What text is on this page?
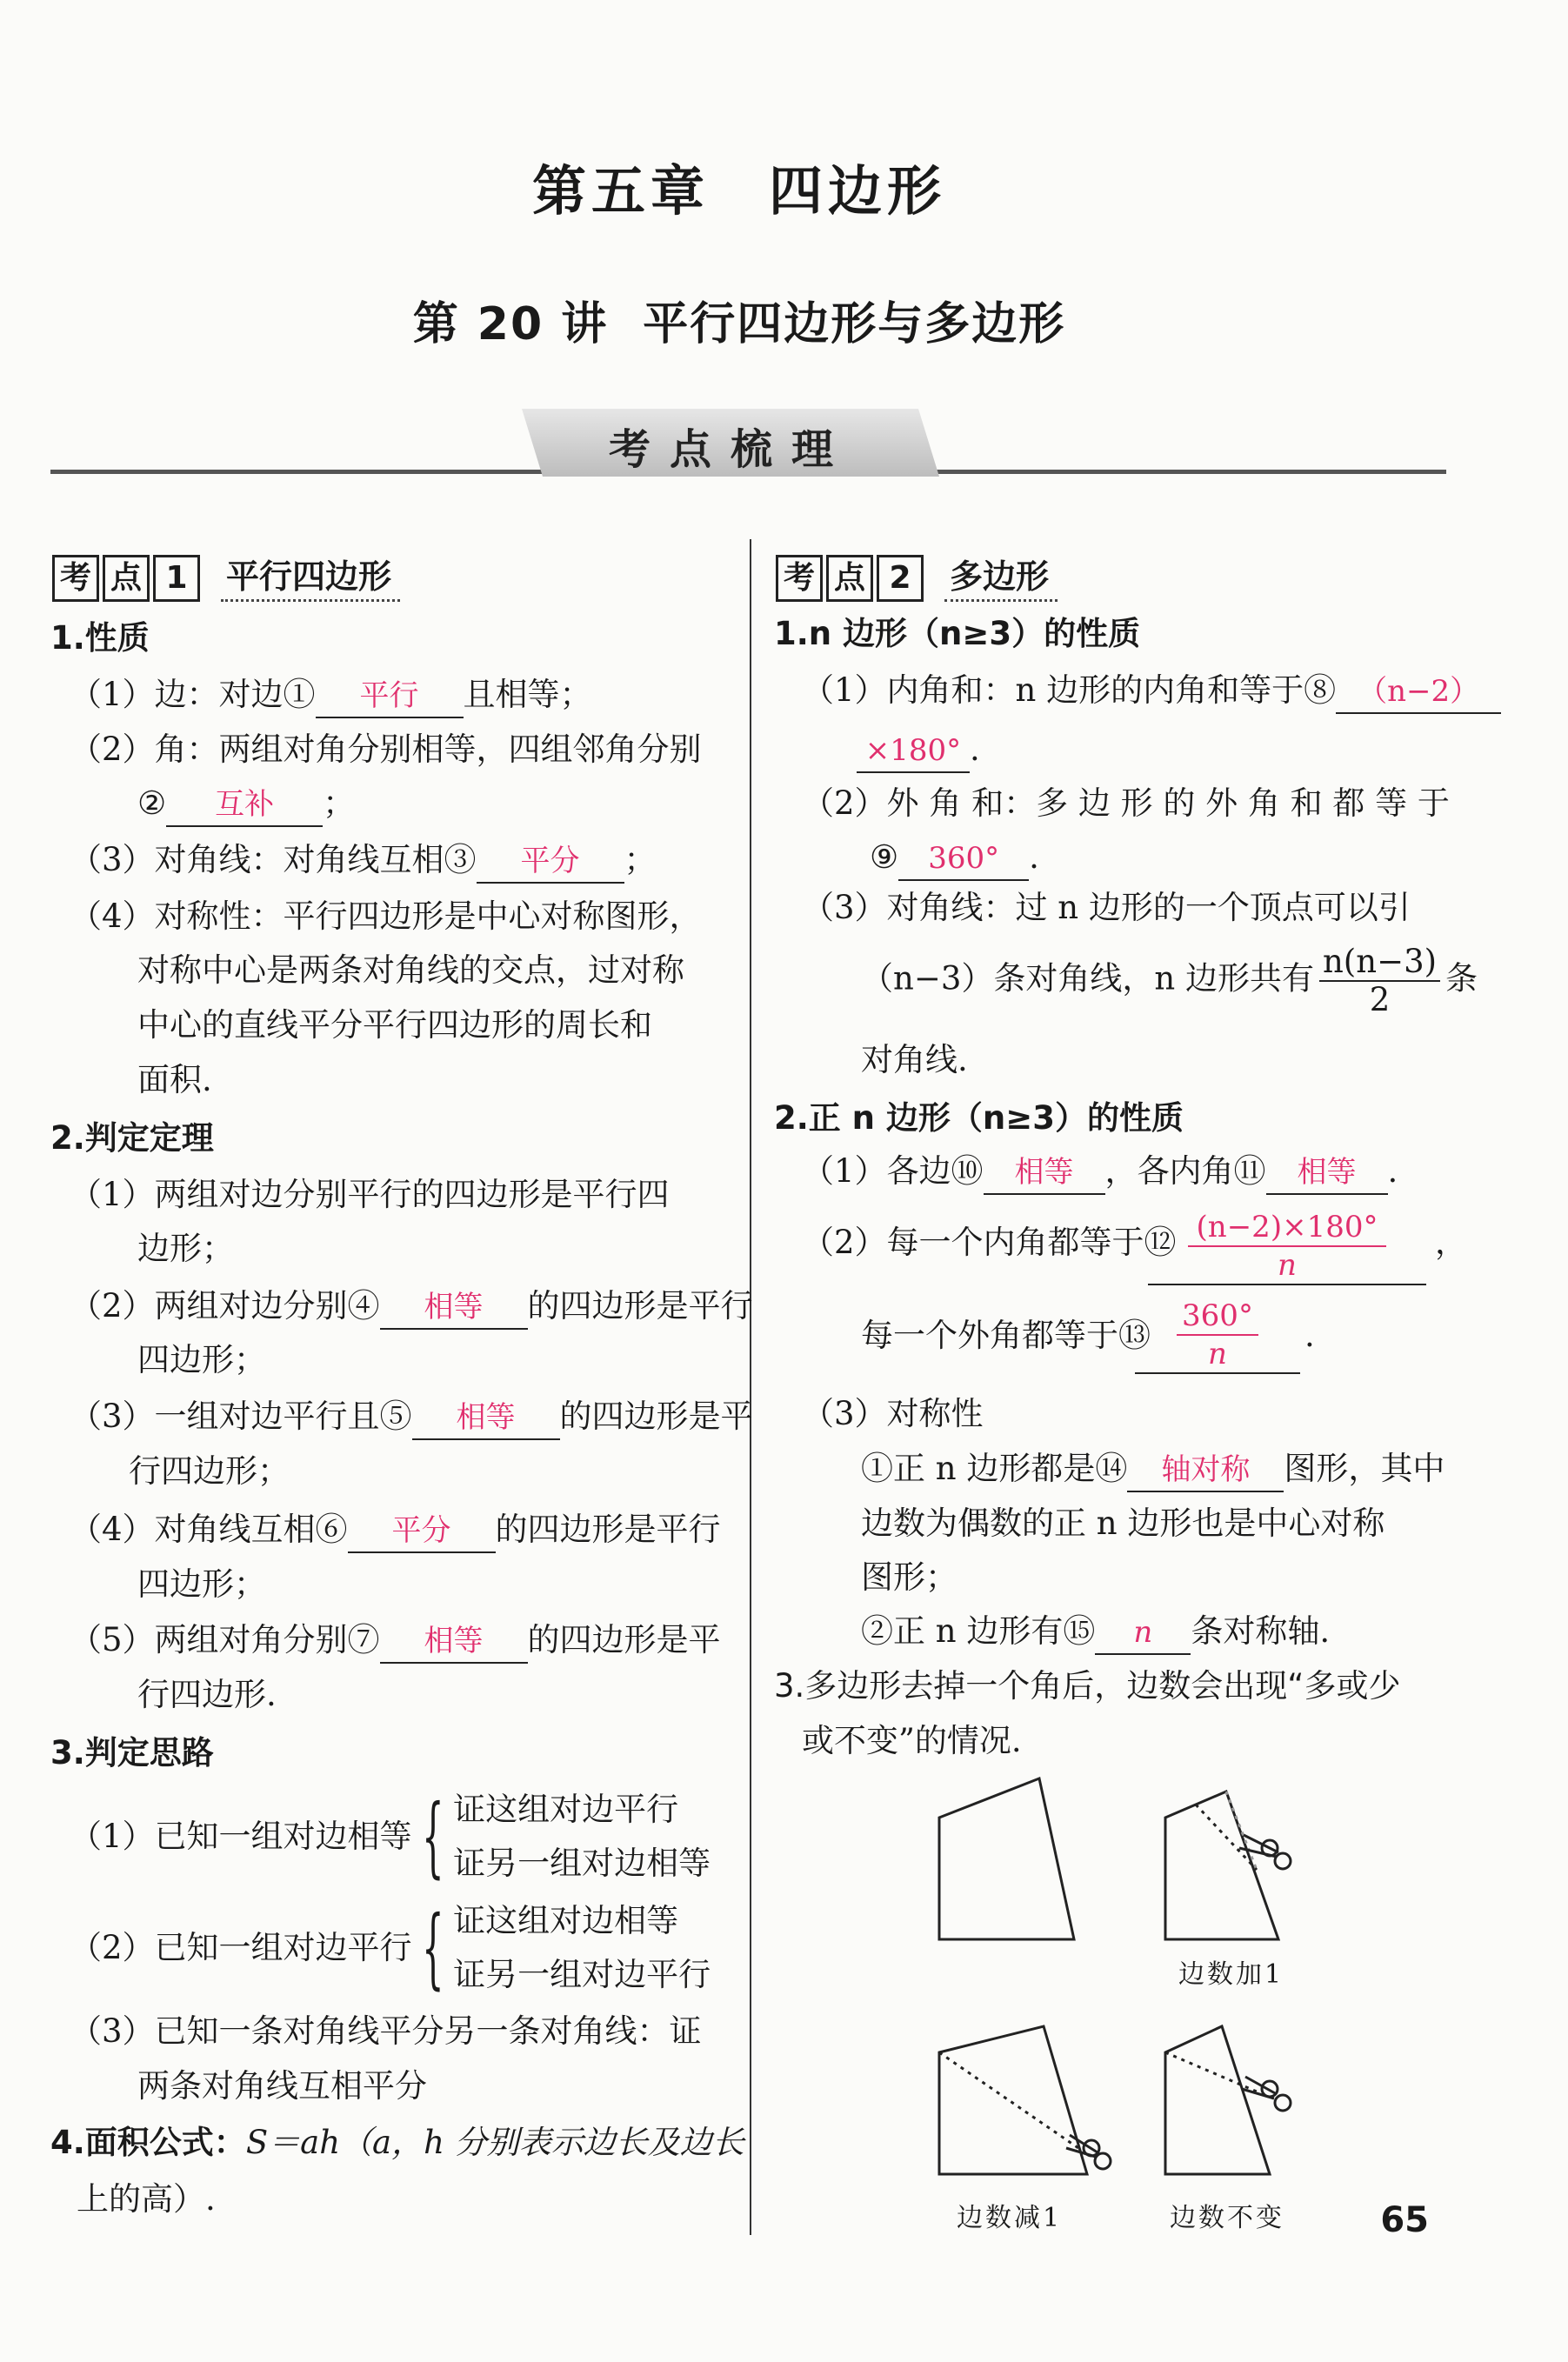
第五章　四边形
第 20 讲 平行四边形与多边形
考点梳理
考 点 1	平行四边形
1.性质
（1）边：对边① 平行 且相等；
（2）角：两组对角分别相等，四组邻角分别
② 互补 ；
（3）对角线：对角线互相③ 平分 ；
（4）对称性：平行四边形是中心对称图形，
对称中心是两条对角线的交点，过对称
中心的直线平分平行四边形的周长和
面积.
2.判定定理
（1）两组对边分别平行的四边形是平行四
边形；
（2）两组对边分别④ 相等 的四边形是平行
四边形；
（3）一组对边平行且⑤ 相等 的四边形是平
行四边形；
（4）对角线互相⑥ 平分 的四边形是平行
四边形；
（5）两组对角分别⑦ 相等 的四边形是平
行四边形.
3.判定思路
（1）已知一组对边相等 { 证这组对边平行
证另一组对边相等
（2）已知一组对边平行 { 证这组对边相等
证另一组对边平行
（3）已知一条对角线平分另一条对角线：证
两条对角线互相平分
4.面积公式：S＝ah（a，h 分别表示边长及边长
上的高）.
考 点 2	多边形
1.n 边形（n≥3）的性质
（1）内角和：n 边形的内角和等于⑧ （n−2）
×180° .
（2）外 角 和：多 边 形 的 外 角 和 都 等 于
⑨ 360° .
（3）对角线：过 n 边形的一个顶点可以引
（n−3）条对角线，n 边形共有 $\frac{n(n-3)}{2}$ 条
对角线.
2.正 n 边形（n≥3）的性质
（1）各边⑩ 相等 ，各内角⑪ 相等 .
（2）每一个内角都等于⑫ $\frac{(n-2)\times 180^\circ}{n}$ ，
每一个外角都等于⑬ $\frac{360^\circ}{n}$ .
（3）对称性
①正 n 边形都是⑭ 轴对称 图形，其中
边数为偶数的正 n 边形也是中心对称
图形；
②正 n 边形有⑮ n 条对称轴.
3.多边形去掉一个角后，边数会出现“多或少
或不变”的情况.
边数加1
边数减1	边数不变	65
